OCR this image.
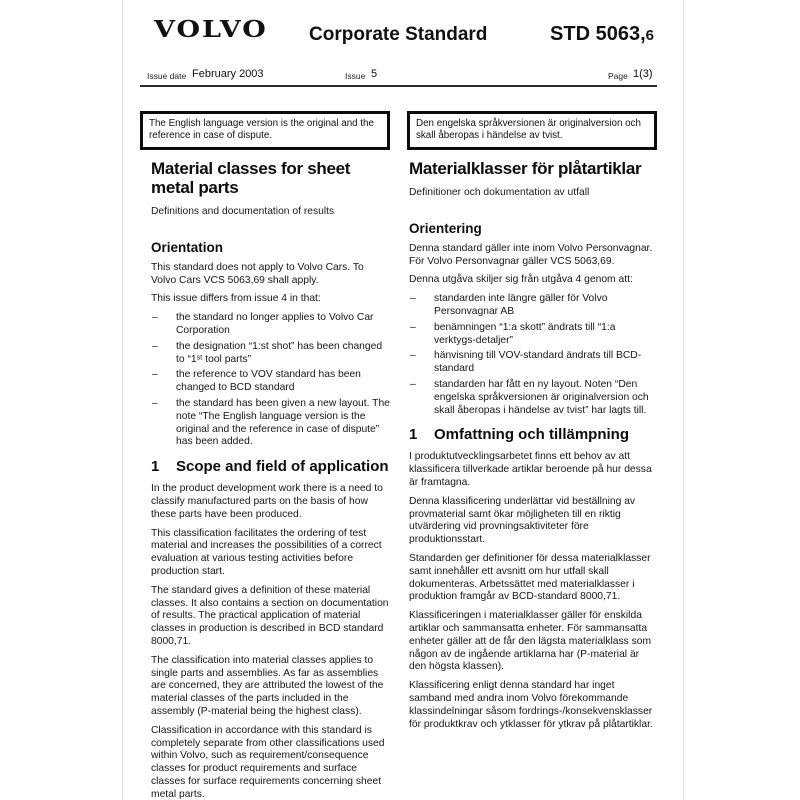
VOLVO Corporate Standard	STD 5063,6
Issue date February 2003	Issue 5	Page 1(3)
The English language version is the original and the reference in case of dispute.
Den engelska språkversionen är originalversion och skall åberopas i händelse av tvist.
Material classes for sheet metal parts

Definitions and documentation of results

Orientation

This standard does not apply to Volvo Cars. To Volvo Cars VCS 5063,69 shall apply.

This issue differs from issue 4 in that:

– the standard no longer applies to Volvo Car Corporation
– the designation “1:st shot” has been changed to “1ˢᵗ tool parts”
– the reference to VOV standard has been changed to BCD standard
– the standard has been given a new layout. The note “The English language version is the original and the reference in case of dispute” has been added.
1	Scope and field of application

In the product development work there is a need to classify manufactured parts on the basis of how these parts have been produced.

This classification facilitates the ordering of test material and increases the possibilities of a correct evaluation at various testing activities before production start.

The standard gives a definition of these material classes. It also contains a section on documentation of results. The practical application of material classes in production is described in BCD standard 8000,71.

The classification into material classes applies to single parts and assemblies. As far as assemblies are concerned, they are attributed the lowest of the material classes of the parts included in the assembly (P-material being the highest class).

Classification in accordance with this standard is completely separate from other classifications used within Volvo, such as requirement/consequence classes for product requirements and surface classes for surface requirements concerning sheet metal parts.

Materialklasser för plåtartiklar

Definitioner och dokumentation av utfall

Orientering

Denna standard gäller inte inom Volvo Personvagnar. För Volvo Personvagnar gäller VCS 5063,69.

Denna utgåva skiljer sig från utgåva 4 genom att:

– standarden inte längre gäller för Volvo Personvagnar AB
– benämningen “1:a skott” ändrats till “1:a verktygs-detaljer”
– hänvisning till VOV-standard ändrats till BCD-standard
– standarden har fått en ny layout. Noten “Den engelska språkversionen är originalversion och skall åberopas i händelse av tvist” har lagts till.
1	Omfattning och tillämpning

I produktutvecklingsarbetet finns ett behov av att klassificera tillverkade artiklar beroende på hur dessa är framtagna.

Denna klassificering underlättar vid beställning av provmaterial samt ökar möjligheten till en riktig utvärdering vid provningsaktiviteter före produktionsstart.

Standarden ger definitioner för dessa materialklasser samt innehåller ett avsnitt om hur utfall skall dokumenteras. Arbetssättet med materialklasser i produktion framgår av BCD-standard 8000,71.

Klassificeringen i materialklasser gäller för enskilda artiklar och sammansatta enheter. För sammansatta enheter gäller att de får den lägsta materialklass som någon av de ingående artiklarna har (P-material är den högsta klassen).

Klassificering enligt denna standard har inget samband med andra inom Volvo förekommande klassindelningar såsom fordrings-/konsekvensklasser för produktkrav och ytklasser för ytkrav på plåtartiklar.
